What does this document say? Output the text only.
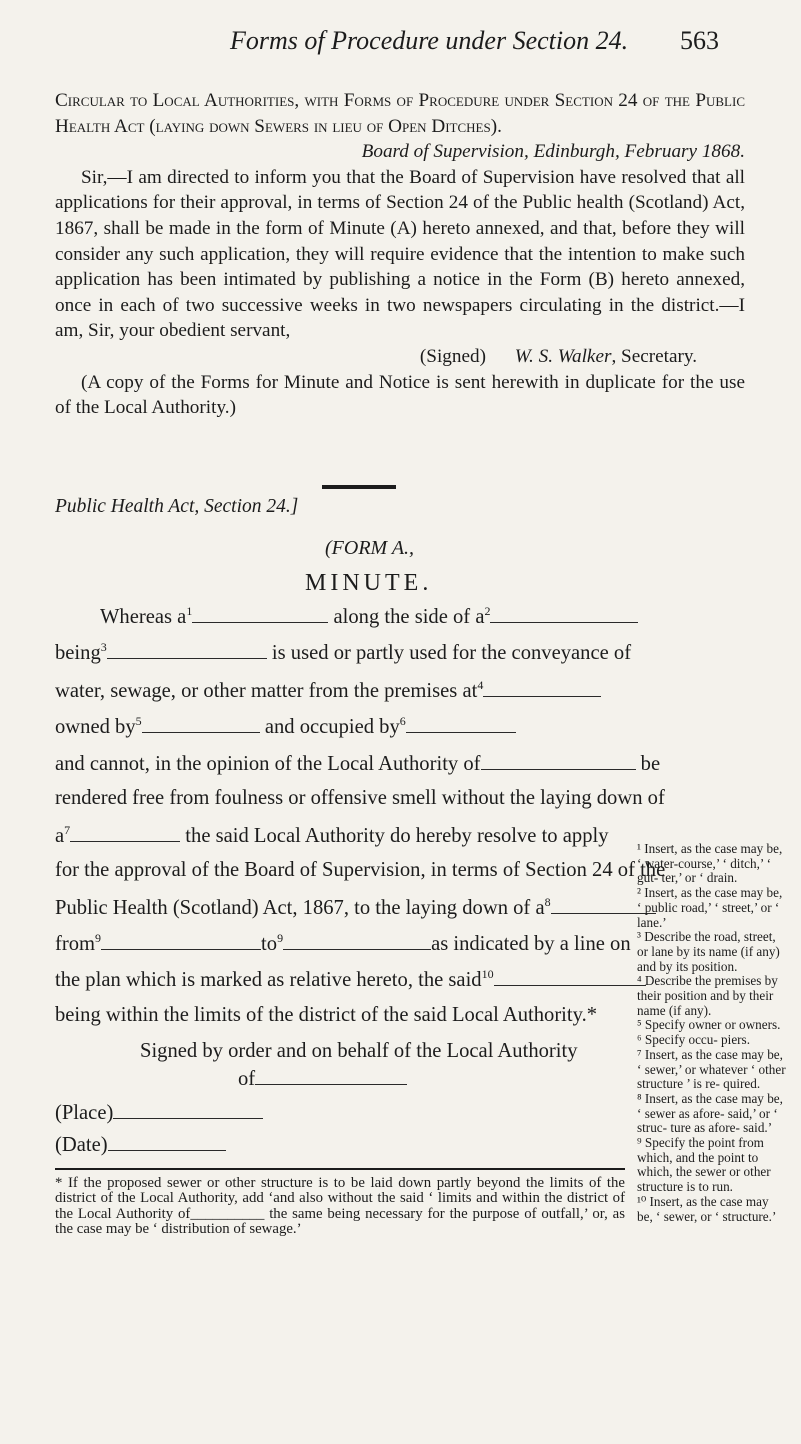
Forms of Procedure under Section 24. 563

Circular to Local Authorities, with Forms of Procedure under Section 24 of the Public Health Act (laying down Sewers in lieu of Open Ditches).

Board of Supervision, Edinburgh, February 1868.

Sir,—I am directed to inform you that the Board of Supervision have resolved that all applications for their approval, in terms of Section 24 of the Public health (Scotland) Act, 1867, shall be made in the form of Minute (A) hereto annexed, and that, before they will consider any such application, they will require evidence that the intention to make such application has been intimated by publishing a notice in the Form (B) hereto annexed, once in each of two successive weeks in two newspapers circulating in the district.—I am, Sir, your obedient servant,

(Signed) W. S. Walker, Secretary.

(A copy of the Forms for Minute and Notice is sent herewith in duplicate for the use of the Local Authority.)

Public Health Act, Section 24.]
(FORM A.,
MINUTE.
Whereas $a^1$	along the side of $a^2$
being$^3$	is used or partly used for the conveyance of
water, sewage, or other matter from the premises $at^4$
owned $by^5$	and occupied $by^6$
and cannot, in the opinion of the Local Authority of	be
rendered free from foulness or offensive smell without the laying down of
$a^7$	the said Local Authority do hereby resolve to apply
for the approval of the Board of Supervision, in terms of Section 24 of the
Public Health (Scotland) Act, 1867, to the laying down of $a^8$
from$^9$	$to^9$	as indicated by a line on
the plan which is marked as relative hereto, the said$^{10}$
being within the limits of the district of the said Local Authority.*
Signed by order and on behalf of the Local Authority
of
(Place)
(Date)
¹ Insert, as the case may be, ‘ water-course,’ ‘ ditch,’ ‘ gut- ter,’ or ‘ drain.
² Insert, as the case may be, ‘ public road,’ ‘ street,’ or ‘ lane.’
³ Describe the road, street, or lane by its name (if any) and by its position.
⁴ Describe the premises by their position and by their name (if any).
⁵ Specify owner or owners.
⁶ Specify occu- piers.
⁷ Insert, as the case may be, ‘ sewer,’ or whatever ‘ other structure ’ is re- quired.
⁸ Insert, as the case may be, ‘ sewer as afore- said,’ or ‘ struc- ture as afore- said.’
⁹ Specify the point from which, and the point to which, the sewer or other structure is to run.
¹⁰ Insert, as the case may be, ‘ sewer, or ‘ structure.’

* If the proposed sewer or other structure is to be laid down partly beyond the limits of the district of the Local Authority, add ‘and also without the said ‘ limits and within the district of the Local Authority of__________ the same being necessary for the purpose of outfall,’ or, as the case may be ‘ distribution of sewage.’
